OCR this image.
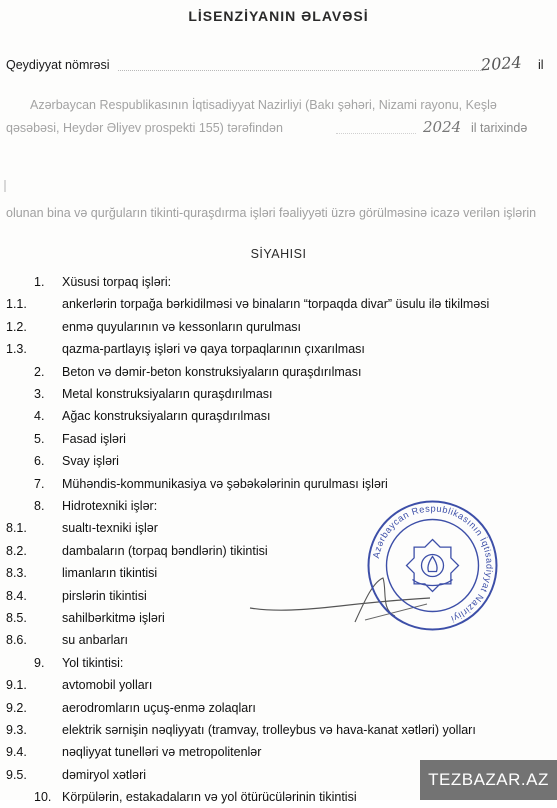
LİSENZİYANIN ƏLAVƏSİ
Qeydiyyat nömrəsi	2024 il
Azərbaycan Respublikasının İqtisadiyyat Nazirliyi (Bakı şəhəri, Nizami rayonu, Keşlə
qəsəbəsi, Heydər Əliyev prospekti 155) tərəfindən	2024 il tarixində
olunan bina və qurğuların tikinti-quraşdırma işləri fəaliyyəti üzrə görülməsinə icazə verilən işlərin
SİYAHISI
1. Xüsusi torpaq işləri:
1.1.	ankerlərin torpağa bərkidilməsi və binaların “torpaqda divar” üsulu ilə tikilməsi
1.2.	enmə quyularının və kessonların qurulması
1.3.	qazma-partlayış işləri və qaya torpaqlarının çıxarılması
2. Beton və dəmir-beton konstruksiyaların quraşdırılması
3. Metal konstruksiyaların quraşdırılması
4. Ağac konstruksiyaların quraşdırılması
5. Fasad işləri
6. Svay işləri
7. Mühəndis-kommunikasiya və şəbəkələrinin qurulması işləri
8. Hidrotexniki işlər:
8.1.	sualtı-texniki işlər
8.2.	dambaların (torpaq bəndlərin) tikintisi
8.3.	limanların tikintisi
8.4.	pirslərin tikintisi
8.5.	sahilbərkitmə işləri
8.6.	su anbarları
9. Yol tikintisi:
9.1.	avtomobil yolları
9.2.	aerodromların uçuş-enmə zolaqları
9.3.	elektrik sərnişin nəqliyyatı (tramvay, trolleybus və hava-kanat xətləri) yolları
9.4.	nəqliyyat tunelləri və metropolitenlər
9.5.	dəmiryol xətləri
10. Körpülərin, estakadaların və yol ötürücülərinin tikintisi
Azərbaycan Respublikasının İqtisadiyyat Nazirliyi
TEZBAZAR.AZ
